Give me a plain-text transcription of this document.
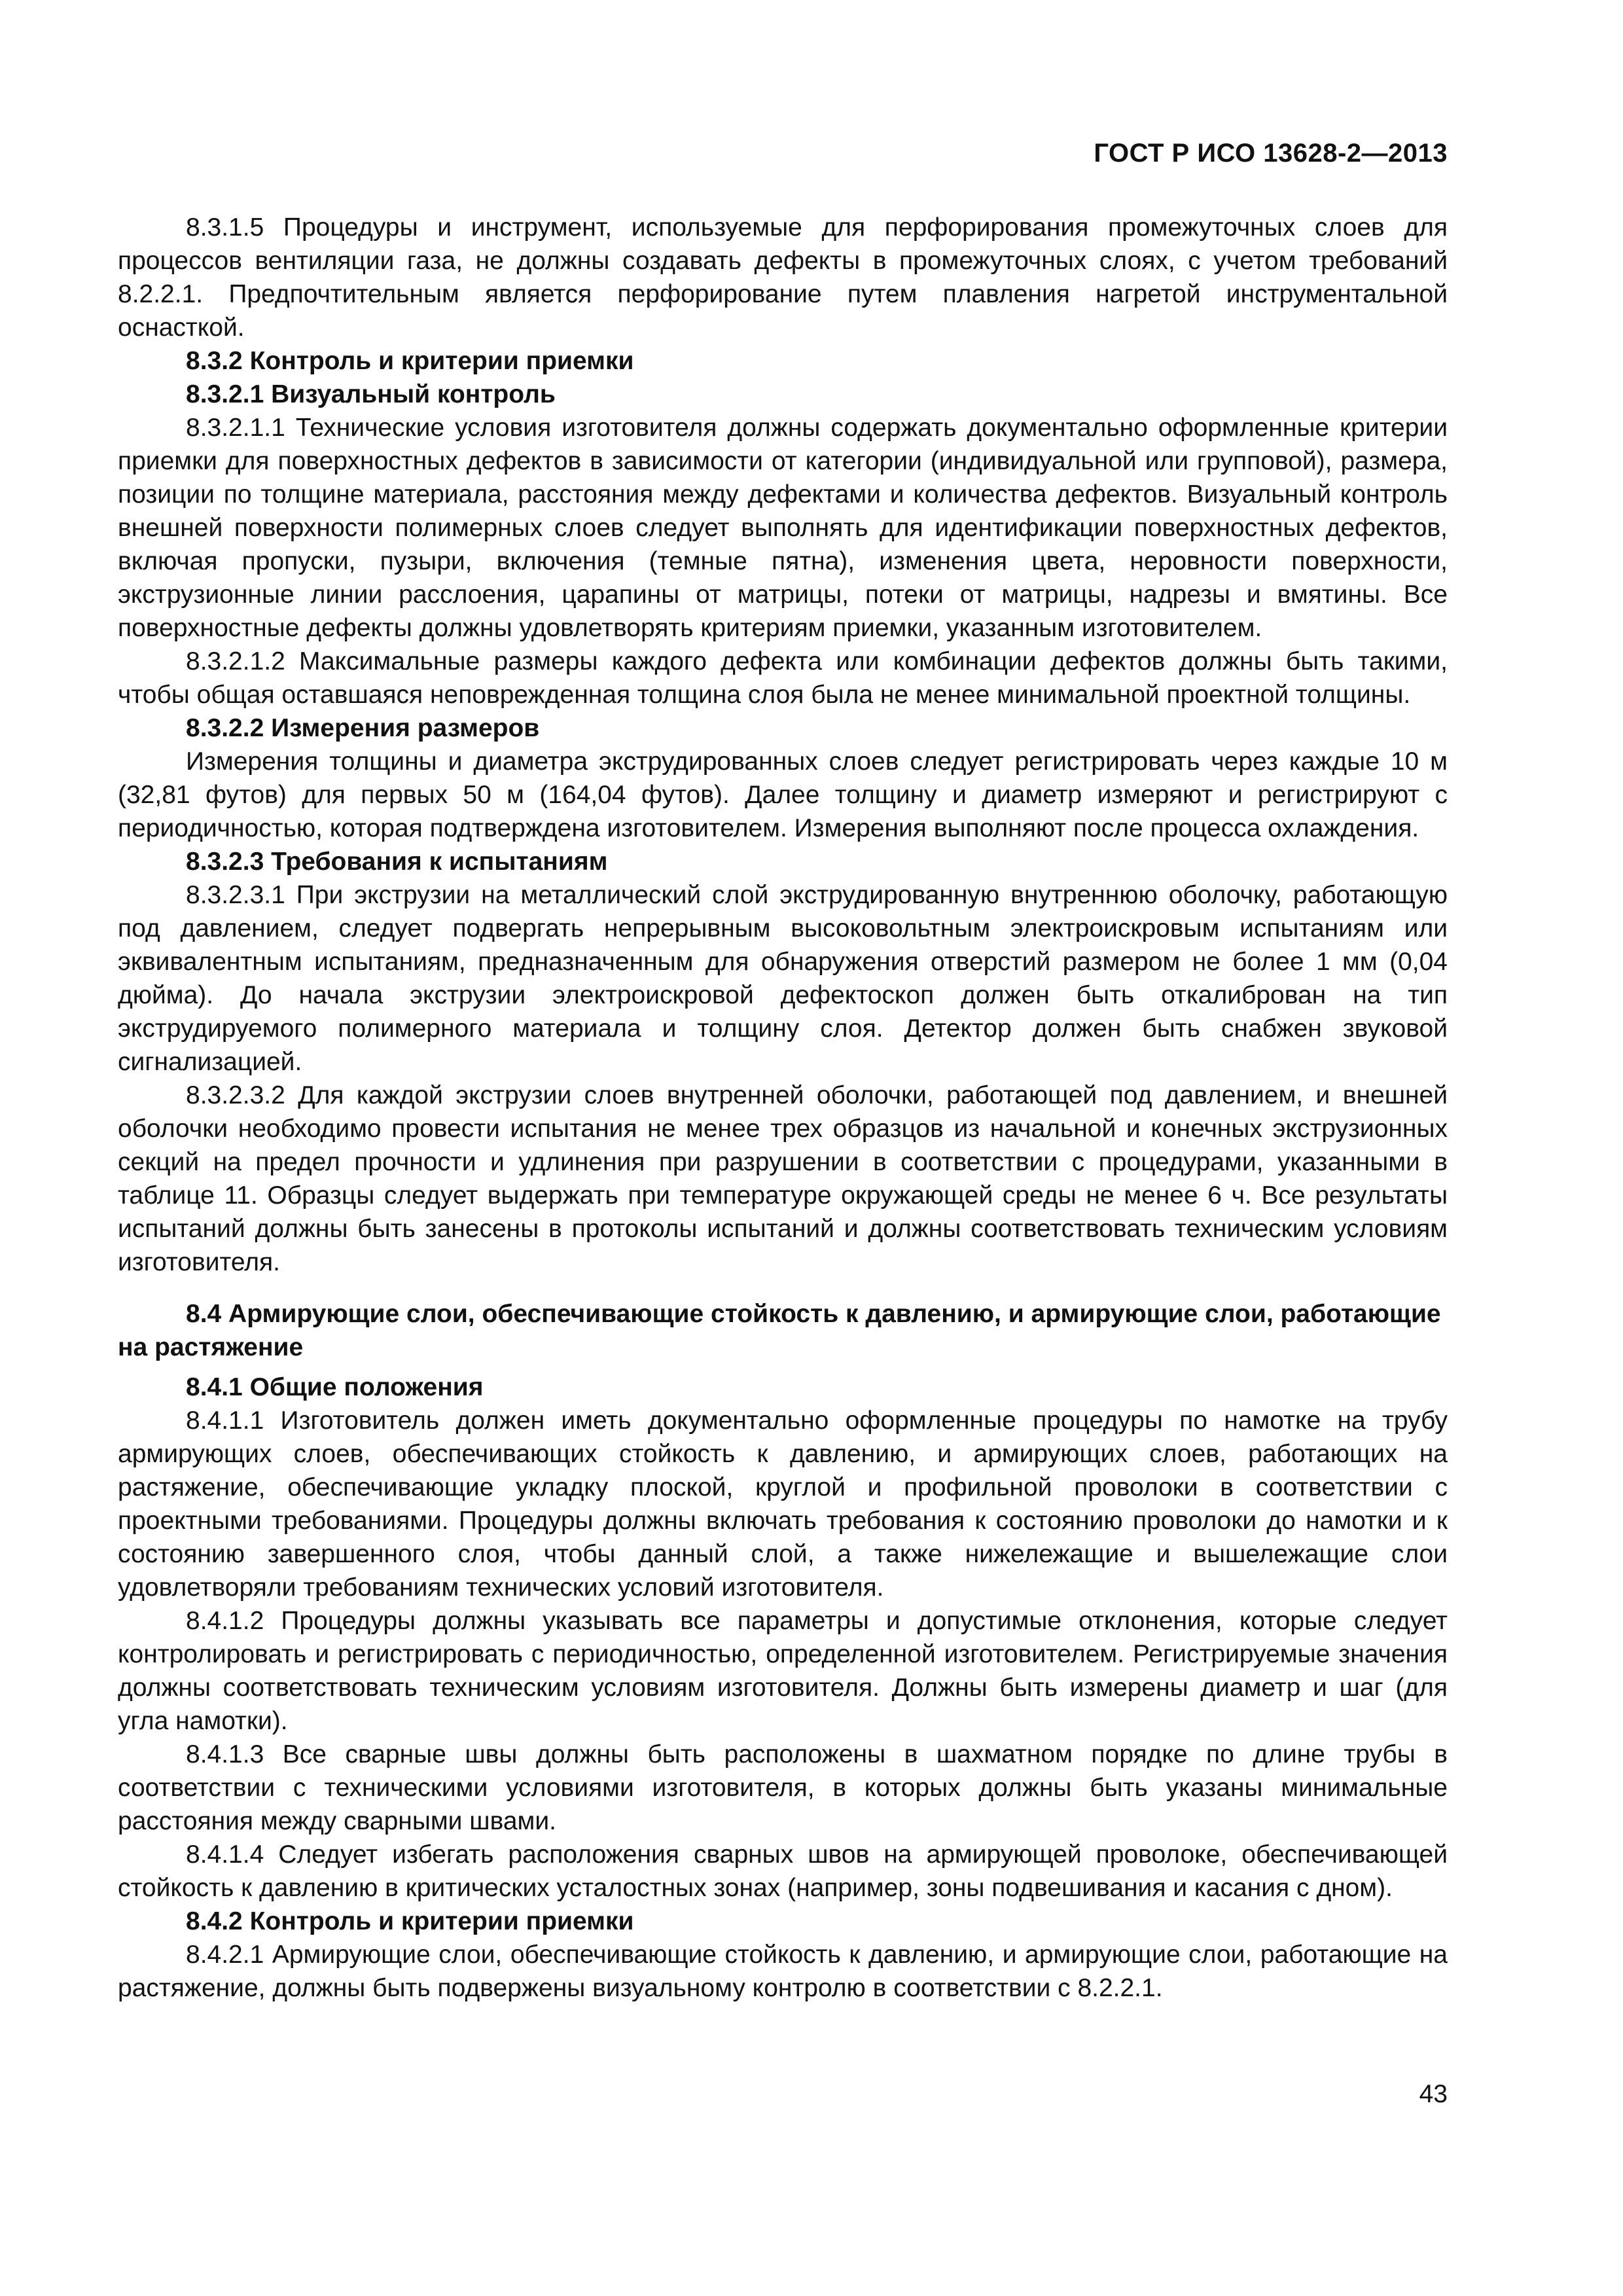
ГОСТ Р ИСО 13628-2—2013

8.3.1.5 Процедуры и инструмент, используемые для перфорирования промежуточных слоев для процессов вентиляции газа, не должны создавать дефекты в промежуточных слоях, с учетом требований 8.2.2.1. Предпочтительным является перфорирование путем плавления нагретой инструментальной оснасткой.

8.3.2 Контроль и критерии приемки

8.3.2.1 Визуальный контроль

8.3.2.1.1 Технические условия изготовителя должны содержать документально оформленные критерии приемки для поверхностных дефектов в зависимости от категории (индивидуальной или групповой), размера, позиции по толщине материала, расстояния между дефектами и количества дефектов. Визуальный контроль внешней поверхности полимерных слоев следует выполнять для идентификации поверхностных дефектов, включая пропуски, пузыри, включения (темные пятна), изменения цвета, неровности поверхности, экструзионные линии расслоения, царапины от матрицы, потеки от матрицы, надрезы и вмятины. Все поверхностные дефекты должны удовлетворять критериям приемки, указанным изготовителем.

8.3.2.1.2 Максимальные размеры каждого дефекта или комбинации дефектов должны быть такими, чтобы общая оставшаяся неповрежденная толщина слоя была не менее минимальной проектной толщины.

8.3.2.2 Измерения размеров

Измерения толщины и диаметра экструдированных слоев следует регистрировать через каждые 10 м (32,81 футов) для первых 50 м (164,04 футов). Далее толщину и диаметр измеряют и регистрируют с периодичностью, которая подтверждена изготовителем. Измерения выполняют после процесса охлаждения.

8.3.2.3 Требования к испытаниям

8.3.2.3.1 При экструзии на металлический слой экструдированную внутреннюю оболочку, работающую под давлением, следует подвергать непрерывным высоковольтным электроискровым испытаниям или эквивалентным испытаниям, предназначенным для обнаружения отверстий размером не более 1 мм (0,04 дюйма). До начала экструзии электроискровой дефектоскоп должен быть откалиброван на тип экструдируемого полимерного материала и толщину слоя. Детектор должен быть снабжен звуковой сигнализацией.

8.3.2.3.2 Для каждой экструзии слоев внутренней оболочки, работающей под давлением, и внешней оболочки необходимо провести испытания не менее трех образцов из начальной и конечных экструзионных секций на предел прочности и удлинения при разрушении в соответствии с процедурами, указанными в таблице 11. Образцы следует выдержать при температуре окружающей среды не менее 6 ч. Все результаты испытаний должны быть занесены в протоколы испытаний и должны соответствовать техническим условиям изготовителя.

8.4 Армирующие слои, обеспечивающие стойкость к давлению, и армирующие слои, работающие на растяжение

8.4.1 Общие положения

8.4.1.1 Изготовитель должен иметь документально оформленные процедуры по намотке на трубу армирующих слоев, обеспечивающих стойкость к давлению, и армирующих слоев, работающих на растяжение, обеспечивающие укладку плоской, круглой и профильной проволоки в соответствии с проектными требованиями. Процедуры должны включать требования к состоянию проволоки до намотки и к состоянию завершенного слоя, чтобы данный слой, а также нижележащие и вышележащие слои удовлетворяли требованиям технических условий изготовителя.

8.4.1.2 Процедуры должны указывать все параметры и допустимые отклонения, которые следует контролировать и регистрировать с периодичностью, определенной изготовителем. Регистрируемые значения должны соответствовать техническим условиям изготовителя. Должны быть измерены диаметр и шаг (для угла намотки).

8.4.1.3 Все сварные швы должны быть расположены в шахматном порядке по длине трубы в соответствии с техническими условиями изготовителя, в которых должны быть указаны минимальные расстояния между сварными швами.

8.4.1.4 Следует избегать расположения сварных швов на армирующей проволоке, обеспечивающей стойкость к давлению в критических усталостных зонах (например, зоны подвешивания и касания с дном).

8.4.2 Контроль и критерии приемки

8.4.2.1 Армирующие слои, обеспечивающие стойкость к давлению, и армирующие слои, работающие на растяжение, должны быть подвержены визуальному контролю в соответствии с 8.2.2.1.

43
